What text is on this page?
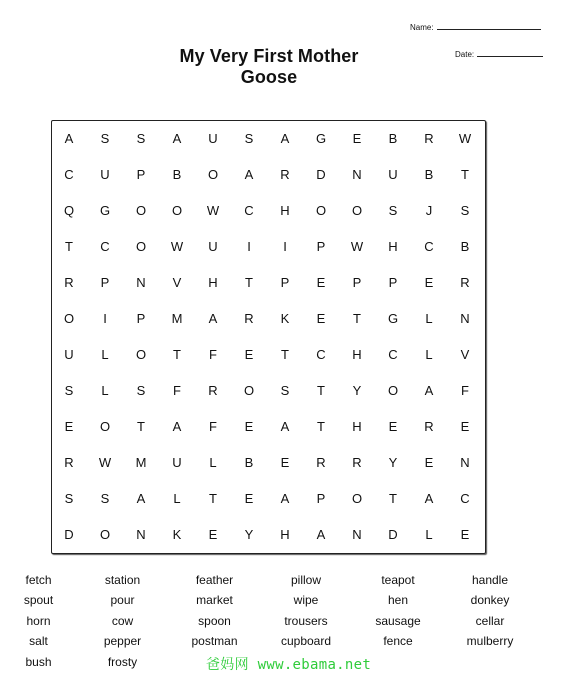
Name:
Date:
My Very First Mother Goose
A	S	S	A	U	S	A	G	E	B	R	W
C	U	P	B	O	A	R	D	N	U	B	T
Q	G	O	O	W	C	H	O	O	S	J	S
T	C	O	W	U	I	I	P	W	H	C	B
R	P	N	V	H	T	P	E	P	P	E	R
O	I	P	M	A	R	K	E	T	G	L	N
U	L	O	T	F	E	T	C	H	C	L	V
S	L	S	F	R	O	S	T	Y	O	A	F
E	O	T	A	F	E	A	T	H	E	R	E
R	W	M	U	L	B	E	R	R	Y	E	N
S	S	A	L	T	E	A	P	O	T	A	C
D	O	N	K	E	Y	H	A	N	D	L	E
fetch	station	feather	pillow	teapot	handle
spout	pour	market	wipe	hen	donkey
horn	cow	spoon	trousers	sausage	cellar
salt	pepper	postman	cupboard	fence	mulberry
bush	frosty	爸妈网 www.ebama.net
